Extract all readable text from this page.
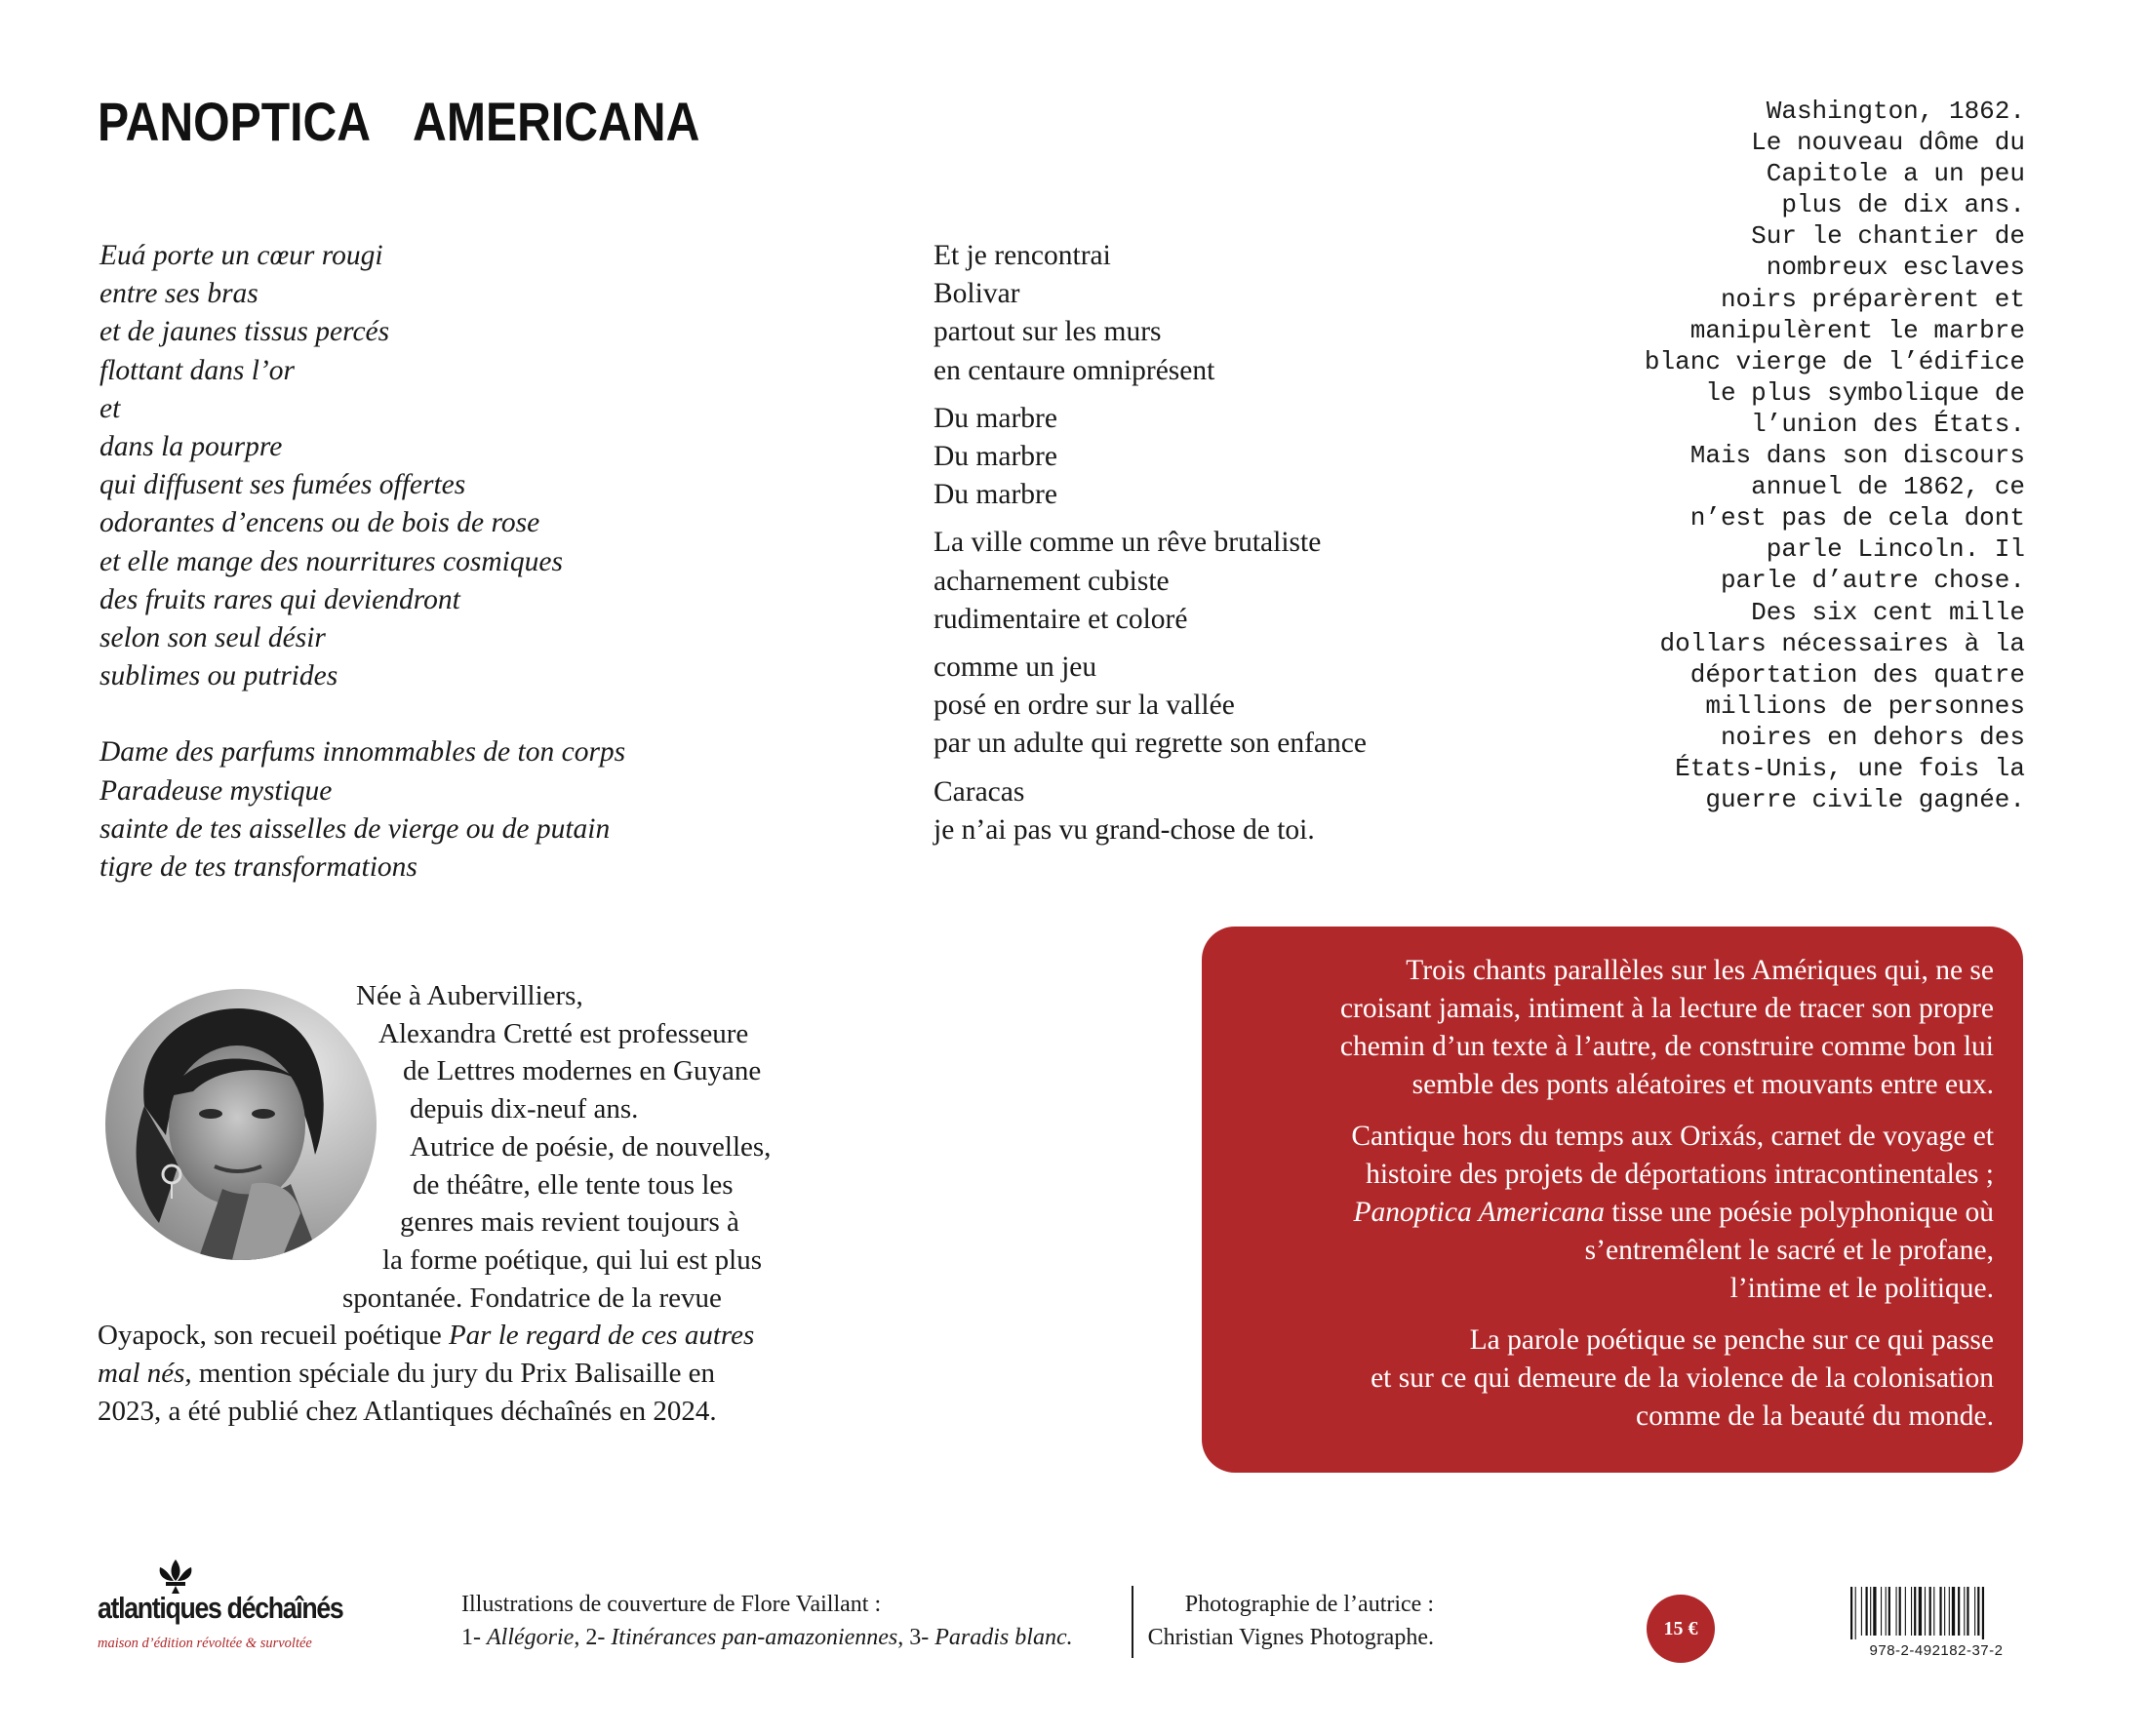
PANOPTICA AMERICANA
Euá porte un cœur rougi
entre ses bras
et de jaunes tissus percés
flottant dans l’or
et
dans la pourpre
qui diffusent ses fumées offertes
odorantes d’encens ou de bois de rose
et elle mange des nourritures cosmiques
des fruits rares qui deviendront
selon son seul désir
sublimes ou putrides
Dame des parfums innommables de ton corps
Paradeuse mystique
sainte de tes aisselles de vierge ou de putain
tigre de tes transformations
Et je rencontrai
Bolivar
partout sur les murs
en centaure omniprésent
Du marbre
Du marbre
Du marbre
La ville comme un rêve brutaliste
acharnement cubiste
rudimentaire et coloré
comme un jeu
posé en ordre sur la vallée
par un adulte qui regrette son enfance
Caracas
je n’ai pas vu grand-chose de toi.
Washington, 1862.
Le nouveau dôme du
Capitole a un peu
plus de dix ans.
Sur le chantier de
nombreux esclaves
noirs préparèrent et
manipulèrent le marbre
blanc vierge de l’édifice
le plus symbolique de
l’union des États.
Mais dans son discours
annuel de 1862, ce
n’est pas de cela dont
parle Lincoln. Il
parle d’autre chose.
Des six cent mille
dollars nécessaires à la
déportation des quatre
millions de personnes
noires en dehors des
États-Unis, une fois la
guerre civile gagnée.
Née à Aubervilliers,
Alexandra Cretté est professeure
de Lettres modernes en Guyane
depuis dix-neuf ans.
Autrice de poésie, de nouvelles,
de théâtre, elle tente tous les
genres mais revient toujours à
la forme poétique, qui lui est plus
spontanée. Fondatrice de la revue
Oyapock, son recueil poétique Par le regard de ces autres
mal nés, mention spéciale du jury du Prix Balisaille en
2023, a été publié chez Atlantiques déchaînés en 2024.

Trois chants parallèles sur les Amériques qui, ne se
croisant jamais, intiment à la lecture de tracer son propre
chemin d’un texte à l’autre, de construire comme bon lui
semble des ponts aléatoires et mouvants entre eux.

Cantique hors du temps aux Orixás, carnet de voyage et
histoire des projets de déportations intracontinentales ;
Panoptica Americana tisse une poésie polyphonique où
s’entremêlent le sacré et le profane,
l’intime et le politique.

La parole poétique se penche sur ce qui passe
et sur ce qui demeure de la violence de la colonisation
comme de la beauté du monde.

atlantiques déchaînés
maison d’édition révoltée & survoltée
Illustrations de couverture de Flore Vaillant :
1- Allégorie, 2- Itinérances pan-amazoniennes, 3- Paradis blanc.
Photographie de l’autrice :
Christian Vignes Photographe.	15 €
978-2-492182-37-2
